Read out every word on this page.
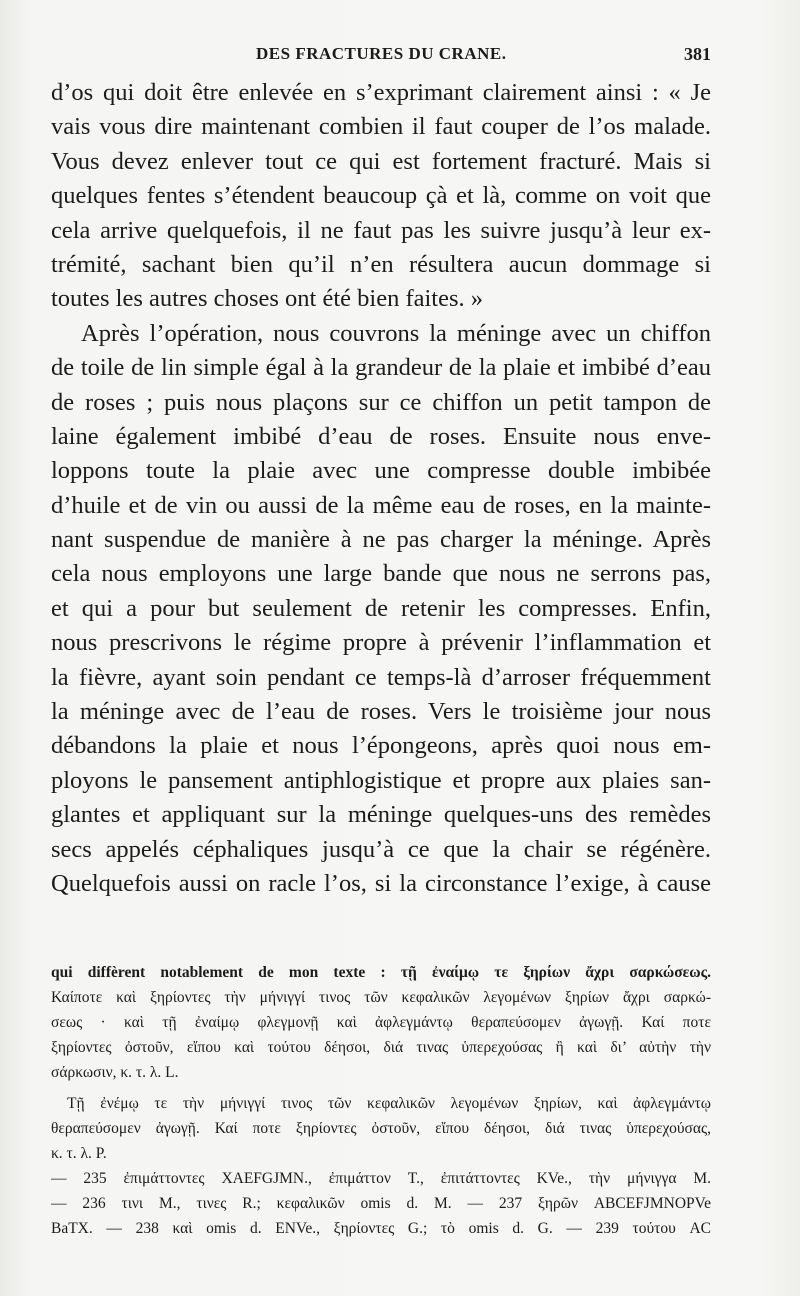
DES FRACTURES DU CRANE.	381
d’os qui doit être enlevée en s’exprimant clairement ainsi : « Je
vais vous dire maintenant combien il faut couper de l’os malade.
Vous devez enlever tout ce qui est fortement fracturé. Mais si
quelques fentes s’étendent beaucoup çà et là, comme on voit que
cela arrive quelquefois, il ne faut pas les suivre jusqu’à leur ex-
trémité, sachant bien qu’il n’en résultera aucun dommage si
toutes les autres choses ont été bien faites. »
Après l’opération, nous couvrons la méninge avec un chiffon
de toile de lin simple égal à la grandeur de la plaie et imbibé d’eau
de roses ; puis nous plaçons sur ce chiffon un petit tampon de
laine également imbibé d’eau de roses. Ensuite nous enve-
loppons toute la plaie avec une compresse double imbibée
d’huile et de vin ou aussi de la même eau de roses, en la mainte-
nant suspendue de manière à ne pas charger la méninge. Après
cela nous employons une large bande que nous ne serrons pas,
et qui a pour but seulement de retenir les compresses. Enfin,
nous prescrivons le régime propre à prévenir l’inflammation et
la fièvre, ayant soin pendant ce temps-là d’arroser fréquemment
la méninge avec de l’eau de roses. Vers le troisième jour nous
débandons la plaie et nous l’épongeons, après quoi nous em-
ployons le pansement antiphlogistique et propre aux plaies san-
glantes et appliquant sur la méninge quelques-uns des remèdes
secs appelés céphaliques jusqu’à ce que la chair se régénère.
Quelquefois aussi on racle l’os, si la circonstance l’exige, à cause
qui diffèrent notablement de mon texte : τῇ ἐναίμῳ τε ξηρίων ἄχρι σαρκώσεως.
Καίποτε καὶ ξηρίοντες τὴν μήνιγγί τινος τῶν κεφαλικῶν λεγομένων ξηρίων ἄχρι σαρκώ-
σεως · καὶ τῇ ἐναίμῳ φλεγμονῇ καὶ ἀφλεγμάντῳ θεραπεύσομεν ἀγωγῇ. Καί ποτε
ξηρίοντες ὀστοῦν, εἴπου καὶ τούτου δέησοι, διά τινας ὑπερεχούσας ἢ καὶ δι’ αὐτὴν τὴν
σάρκωσιν, κ. τ. λ. L.
Τῇ ἐνέμῳ τε τὴν μήνιγγί τινος τῶν κεφαλικῶν λεγομένων ξηρίων, καὶ ἀφλεγμάντῳ
θεραπεύσομεν ἀγωγῇ. Καί ποτε ξηρίοντες ὀστοῦν, εἴπου δέησοι, διά τινας ὑπερεχούσας,
κ. τ. λ. P.
— 235 ἐπιμάττοντες XAEFGJMN., ἐπιμάττον T., ἐπιτάττοντες KVe., τὴν μήνιγγα M.
— 236 τινι M., τινες R.; κεφαλικῶν omis d. M. — 237 ξηρῶν ABCEFJMNOPVe
BaTX. — 238 καὶ omis d. ENVe., ξηρίοντες G.; τὸ omis d. G. — 239 τούτου AC
